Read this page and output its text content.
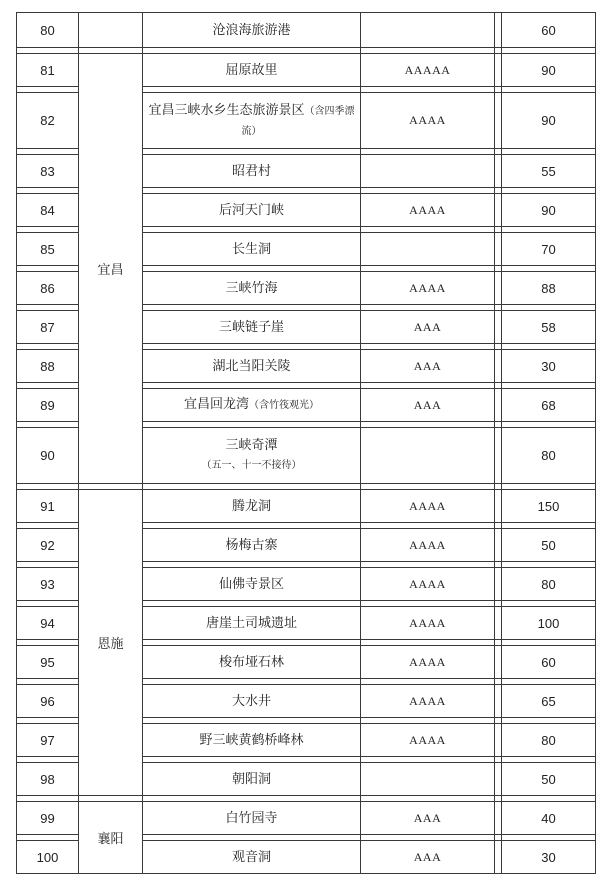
80		沧浪海旅游港			60

81	宜昌	屈原故里	AAAAA		90

82		宜昌三峡水乡生态旅游景区（含四季漂流）	AAAA		90

83		昭君村			55

84		后河天门峡	AAAA		90

85		长生洞			70

86		三峡竹海	AAAA		88

87		三峡链子崖	AAA		58

88		湖北当阳关陵	AAA		30

89		宜昌回龙湾（含竹筏观光）	AAA		68

90		三峡奇潭
（五一、十一不接待）			80

91	恩施	腾龙洞	AAAA		150

92		杨梅古寨	AAAA		50

93		仙佛寺景区	AAAA		80

94		唐崖土司城遗址	AAAA		100

95		梭布垭石林	AAAA		60

96		大水井	AAAA		65

97		野三峡黄鹤桥峰林	AAAA		80

98		朝阳洞			50

99	襄阳	白竹园寺	AAA		40

100		观音洞	AAA		30
